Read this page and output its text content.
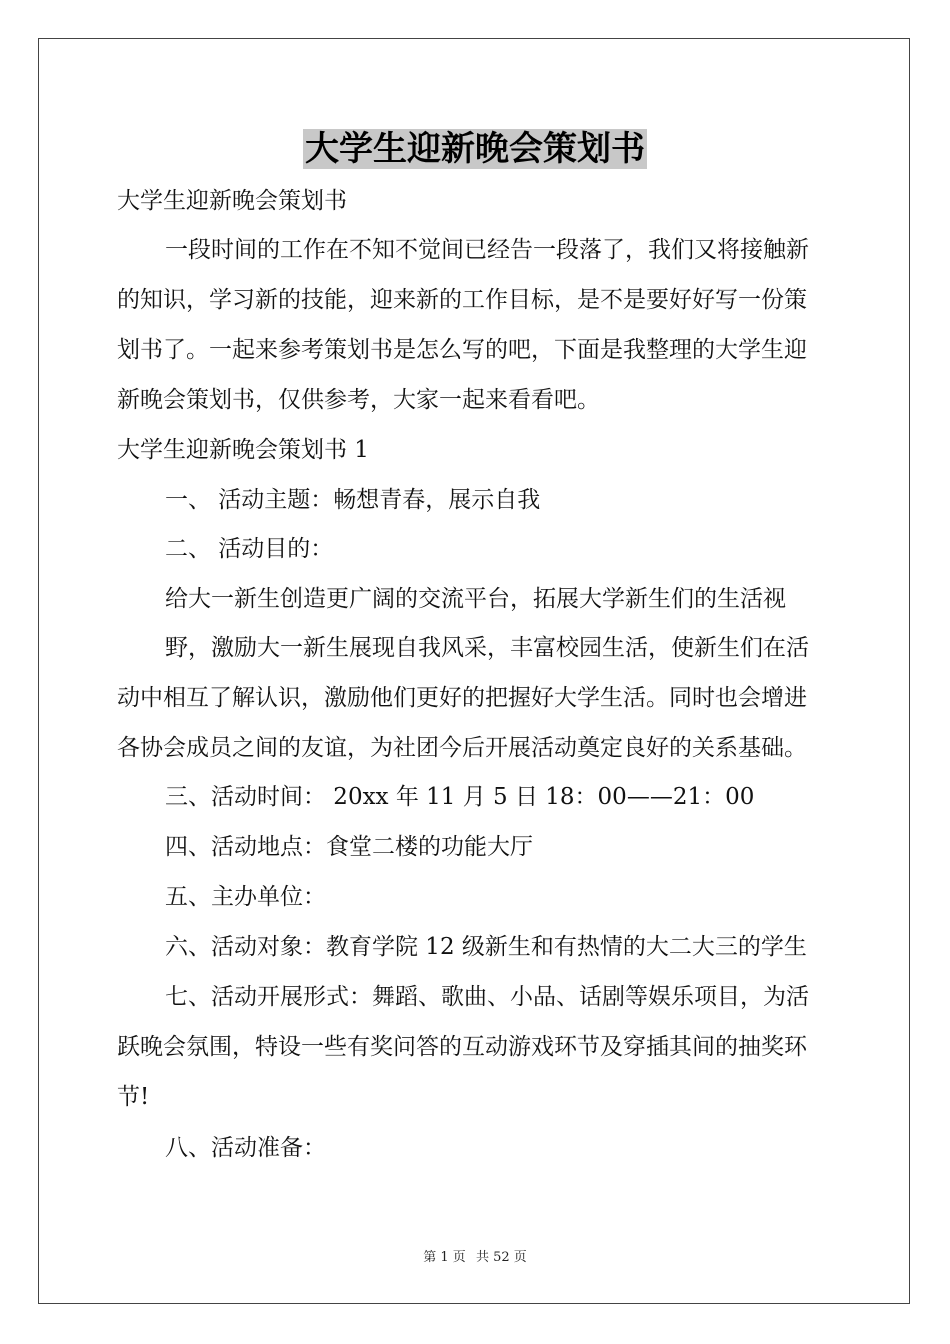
大学生迎新晚会策划书
大学生迎新晚会策划书
一段时间的工作在不知不觉间已经告一段落了，我们又将接触新
的知识，学习新的技能，迎来新的工作目标，是不是要好好写一份策
划书了。一起来参考策划书是怎么写的吧，下面是我整理的大学生迎
新晚会策划书，仅供参考，大家一起来看看吧。
大学生迎新晚会策划书 1
一、 活动主题：畅想青春，展示自我
二、 活动目的：
给大一新生创造更广阔的交流平台，拓展大学新生们的生活视
野，激励大一新生展现自我风采，丰富校园生活，使新生们在活
动中相互了解认识，激励他们更好的把握好大学生活。同时也会增进
各协会成员之间的友谊，为社团今后开展活动奠定良好的关系基础。
三、活动时间： 20xx 年 11 月 5 日 18：00——21：00
四、活动地点：食堂二楼的功能大厅
五、主办单位：
六、活动对象：教育学院 12 级新生和有热情的大二大三的学生
七、活动开展形式：舞蹈、歌曲、小品、话剧等娱乐项目，为活
跃晚会氛围，特设一些有奖问答的互动游戏环节及穿插其间的抽奖环
节!
八、活动准备：
第 1 页 共 52 页
